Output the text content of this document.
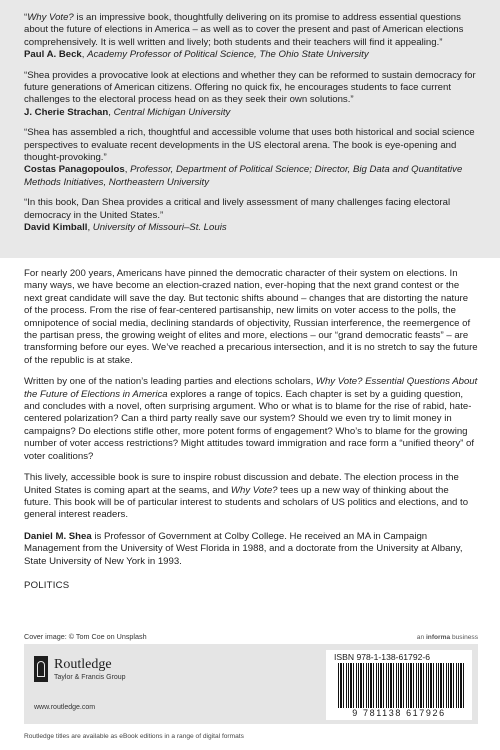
“Why Vote? is an impressive book, thoughtfully delivering on its promise to address essential questions about the future of elections in America – as well as to cover the present and past of American elections comprehensively. It is well written and lively; both students and their teachers will find it appealing.”

Paul A. Beck, Academy Professor of Political Science, The Ohio State University

“Shea provides a provocative look at elections and whether they can be reformed to sustain democracy for future generations of American citizens. Offering no quick fix, he encourages students to face current challenges to the electoral process head on as they seek their own solutions.”

J. Cherie Strachan, Central Michigan University

“Shea has assembled a rich, thoughtful and accessible volume that uses both historical and social science perspectives to evaluate recent developments in the US electoral arena. The book is eye-opening and thought-provoking.”

Costas Panagopoulos, Professor, Department of Political Science; Director, Big Data and Quantitative Methods Initiatives, Northeastern University

“In this book, Dan Shea provides a critical and lively assessment of many challenges facing electoral democracy in the United States.”

David Kimball, University of Missouri–St. Louis

For nearly 200 years, Americans have pinned the democratic character of their system on elections. In many ways, we have become an election-crazed nation, ever-hoping that the next grand contest or the next great candidate will save the day. But tectonic shifts abound – changes that are distorting the nature of the process. From the rise of fear-centered partisanship, new limits on voter access to the polls, the omnipotence of social media, declining standards of objectivity, Russian interference, the reemergence of the partisan press, the growing weight of elites and more, elections – our “grand democratic feasts” – are transforming before our eyes. We’ve reached a precarious intersection, and it is no stretch to say the future of the republic is at stake.

Written by one of the nation’s leading parties and elections scholars, Why Vote? Essential Questions About the Future of Elections in America explores a range of topics. Each chapter is set by a guiding question, and concludes with a novel, often surprising argument. Who or what is to blame for the rise of rabid, hate-centered polarization? Can a third party really save our system? Should we even try to limit money in campaigns? Do elections stifle other, more potent forms of engagement? Who’s to blame for the growing number of voter access restrictions? Might attitudes toward immigration and race form a “unified theory” of voter coalitions?

This lively, accessible book is sure to inspire robust discussion and debate. The election process in the United States is coming apart at the seams, and Why Vote? tees up a new way of thinking about the future. This book will be of particular interest to students and scholars of US politics and elections, and to general interest readers.

Daniel M. Shea is Professor of Government at Colby College. He received an MA in Campaign Management from the University of West Florida in 1988, and a doctorate from the University at Albany, State University of New York in 1993.

POLITICS

Cover image: © Tom Coe on Unsplash	an informa business
Routledge
Taylor & Francis Group
www.routledge.com
ISBN 978-1-138-61792-6
9 781138 617926
Routledge titles are available as eBook editions in a range of digital formats
